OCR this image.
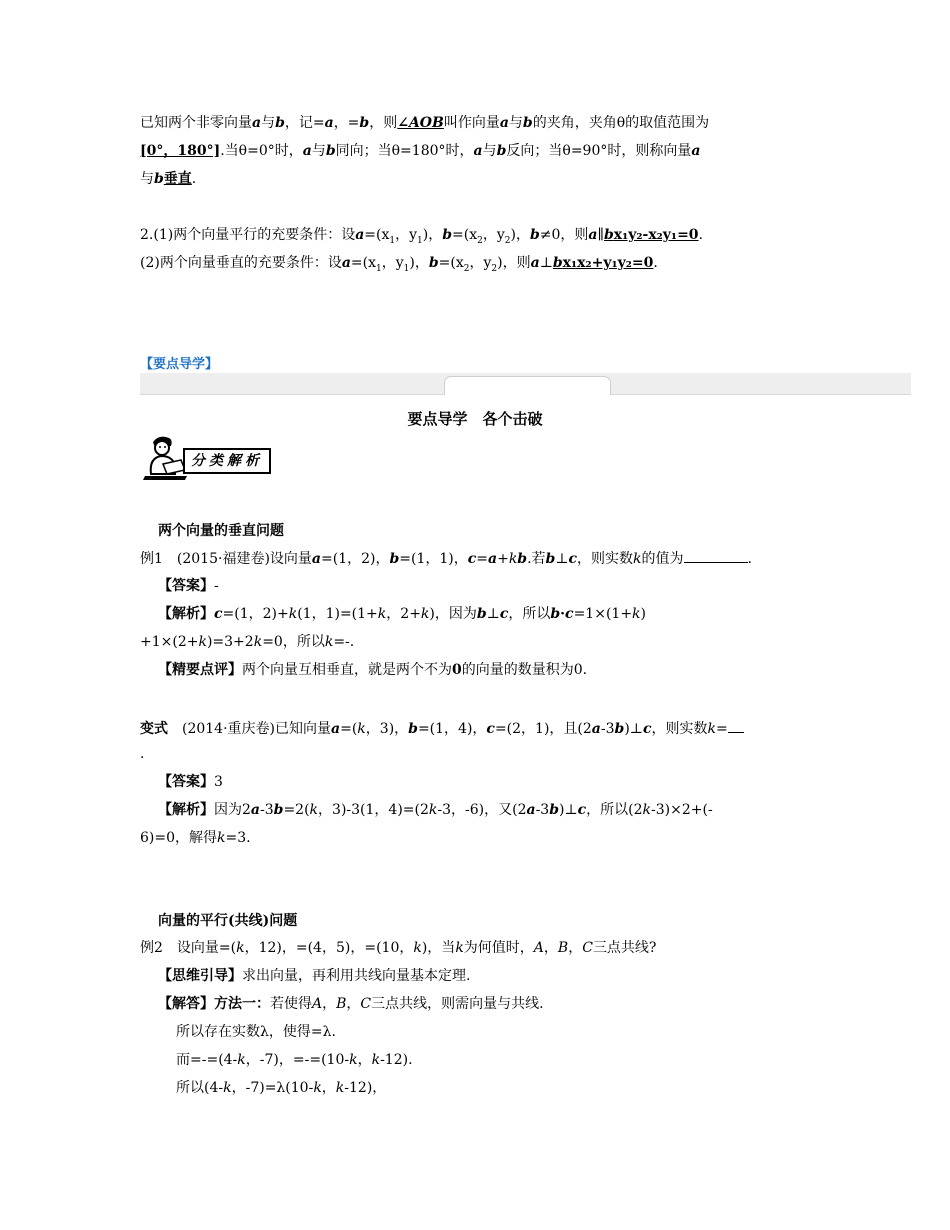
已知两个非零向量a与b，记=a，=b，则∠AOB叫作向量a与b的夹角，夹角θ的取值范围为
[0°，180°].当θ=0°时，a与b同向；当θ=180°时，a与b反向；当θ=90°时，则称向量a
与b垂直.
2.(1)两个向量平行的充要条件：设$a=(x_1$，$y_1$)，$b=(x_2$，$y_2$)，b≠0，则a∥bx₁y₂-x₂y₁=0.
(2)两个向量垂直的充要条件：设$a=(x_1$，$y_1$)，$b=(x_2$，$y_2$)，则a⊥bx₁x₂+y₁y₂=0.
【要点导学】
要点导学　各个击破
分类解析
两个向量的垂直问题
例1　(2015·福建卷)设向量a=(1，2)，b=(1，1)，c=a+kb.若b⊥c，则实数k的值为	.
【答案】-
【解析】c=(1，2)+k(1，1)=(1+k，2+k)，因为b⊥c，所以b·c=1×(1+k)
+1×(2+k)=3+2k=0，所以k=-.
【精要点评】两个向量互相垂直，就是两个不为0的向量的数量积为0.
变式　(2014·重庆卷)已知向量a=(k，3)，b=(1，4)，c=(2，1)，且(2a-3b)⊥c，则实数k=
.
【答案】3
【解析】因为2a-3b=2(k，3)-3(1，4)=(2k-3，-6)，又(2a-3b)⊥c，所以(2k-3)×2+(-
6)=0，解得k=3.
向量的平行(共线)问题
例2　设向量=(k，12)，=(4，5)，=(10，k)，当k为何值时，A，B，C三点共线?
【思维引导】求出向量，再利用共线向量基本定理.
【解答】方法一：若使得A，B，C三点共线，则需向量与共线.
所以存在实数λ，使得=λ.
而=-=(4-k，-7)，=-=(10-k，k-12).
所以(4-k，-7)=λ(10-k，k-12)，
